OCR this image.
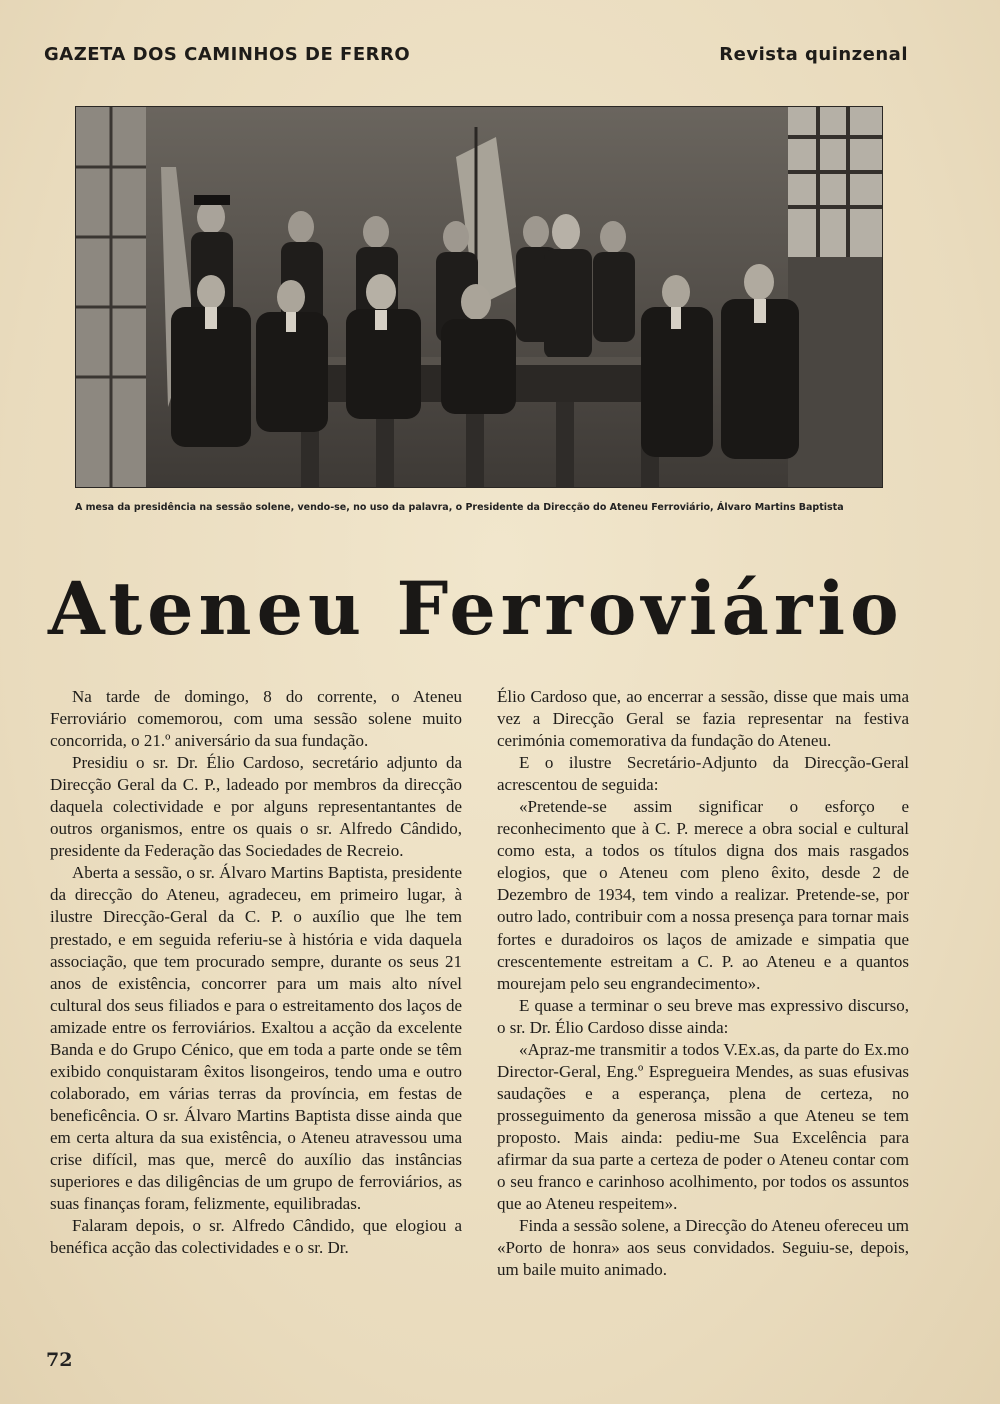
GAZETA DOS CAMINHOS DE FERRO	Revista quinzenal
A mesa da presidência na sessão solene, vendo-se, no uso da palavra, o Presidente da Direcção do Ateneu Ferroviário, Álvaro Martins Baptista
Ateneu Ferroviário

Na tarde de domingo, 8 do corrente, o Ateneu Ferroviário comemorou, com uma sessão solene muito concorrida, o 21.º aniversário da sua fundação.

Presidiu o sr. Dr. Élio Cardoso, secretário adjunto da Direcção Geral da C. P., ladeado por membros da direcção daquela colectividade e por alguns representantantes de outros organismos, entre os quais o sr. Alfredo Cândido, presidente da Federação das Sociedades de Recreio.

Aberta a sessão, o sr. Álvaro Martins Baptista, presidente da direcção do Ateneu, agradeceu, em primeiro lugar, à ilustre Direcção-Geral da C. P. o auxílio que lhe tem prestado, e em seguida referiu-se à história e vida daquela associação, que tem procurado sempre, durante os seus 21 anos de existência, concorrer para um mais alto nível cultural dos seus filiados e para o estreitamento dos laços de amizade entre os ferroviários. Exaltou a acção da excelente Banda e do Grupo Cénico, que em toda a parte onde se têm exibido conquistaram êxitos lisongeiros, tendo uma e outro colaborado, em várias terras da província, em festas de beneficência. O sr. Álvaro Martins Baptista disse ainda que em certa altura da sua existência, o Ateneu atravessou uma crise difícil, mas que, mercê do auxílio das instâncias superiores e das diligências de um grupo de ferroviários, as suas finanças foram, felizmente, equilibradas.

Falaram depois, o sr. Alfredo Cândido, que elogiou a benéfica acção das colectividades e o sr. Dr.

Élio Cardoso que, ao encerrar a sessão, disse que mais uma vez a Direcção Geral se fazia representar na festiva cerimónia comemorativa da fundação do Ateneu.

E o ilustre Secretário-Adjunto da Direcção-Geral acrescentou de seguida:

«Pretende-se assim significar o esforço e reconhecimento que à C. P. merece a obra social e cultural como esta, a todos os títulos digna dos mais rasgados elogios, que o Ateneu com pleno êxito, desde 2 de Dezembro de 1934, tem vindo a realizar. Pretende-se, por outro lado, contribuir com a nossa presença para tornar mais fortes e duradoiros os laços de amizade e simpatia que crescentemente estreitam a C. P. ao Ateneu e a quantos mourejam pelo seu engrandecimento».

E quase a terminar o seu breve mas expressivo discurso, o sr. Dr. Élio Cardoso disse ainda:

«Apraz-me transmitir a todos V.Ex.as, da parte do Ex.mo Director-Geral, Eng.º Espregueira Mendes, as suas efusivas saudações e a esperança, plena de certeza, no prosseguimento da generosa missão a que Ateneu se tem proposto. Mais ainda: pediu-me Sua Excelência para afirmar da sua parte a certeza de poder o Ateneu contar com o seu franco e carinhoso acolhimento, por todos os assuntos que ao Ateneu respeitem».

Finda a sessão solene, a Direcção do Ateneu ofereceu um «Porto de honra» aos seus convidados. Seguiu-se, depois, um baile muito animado.

72
